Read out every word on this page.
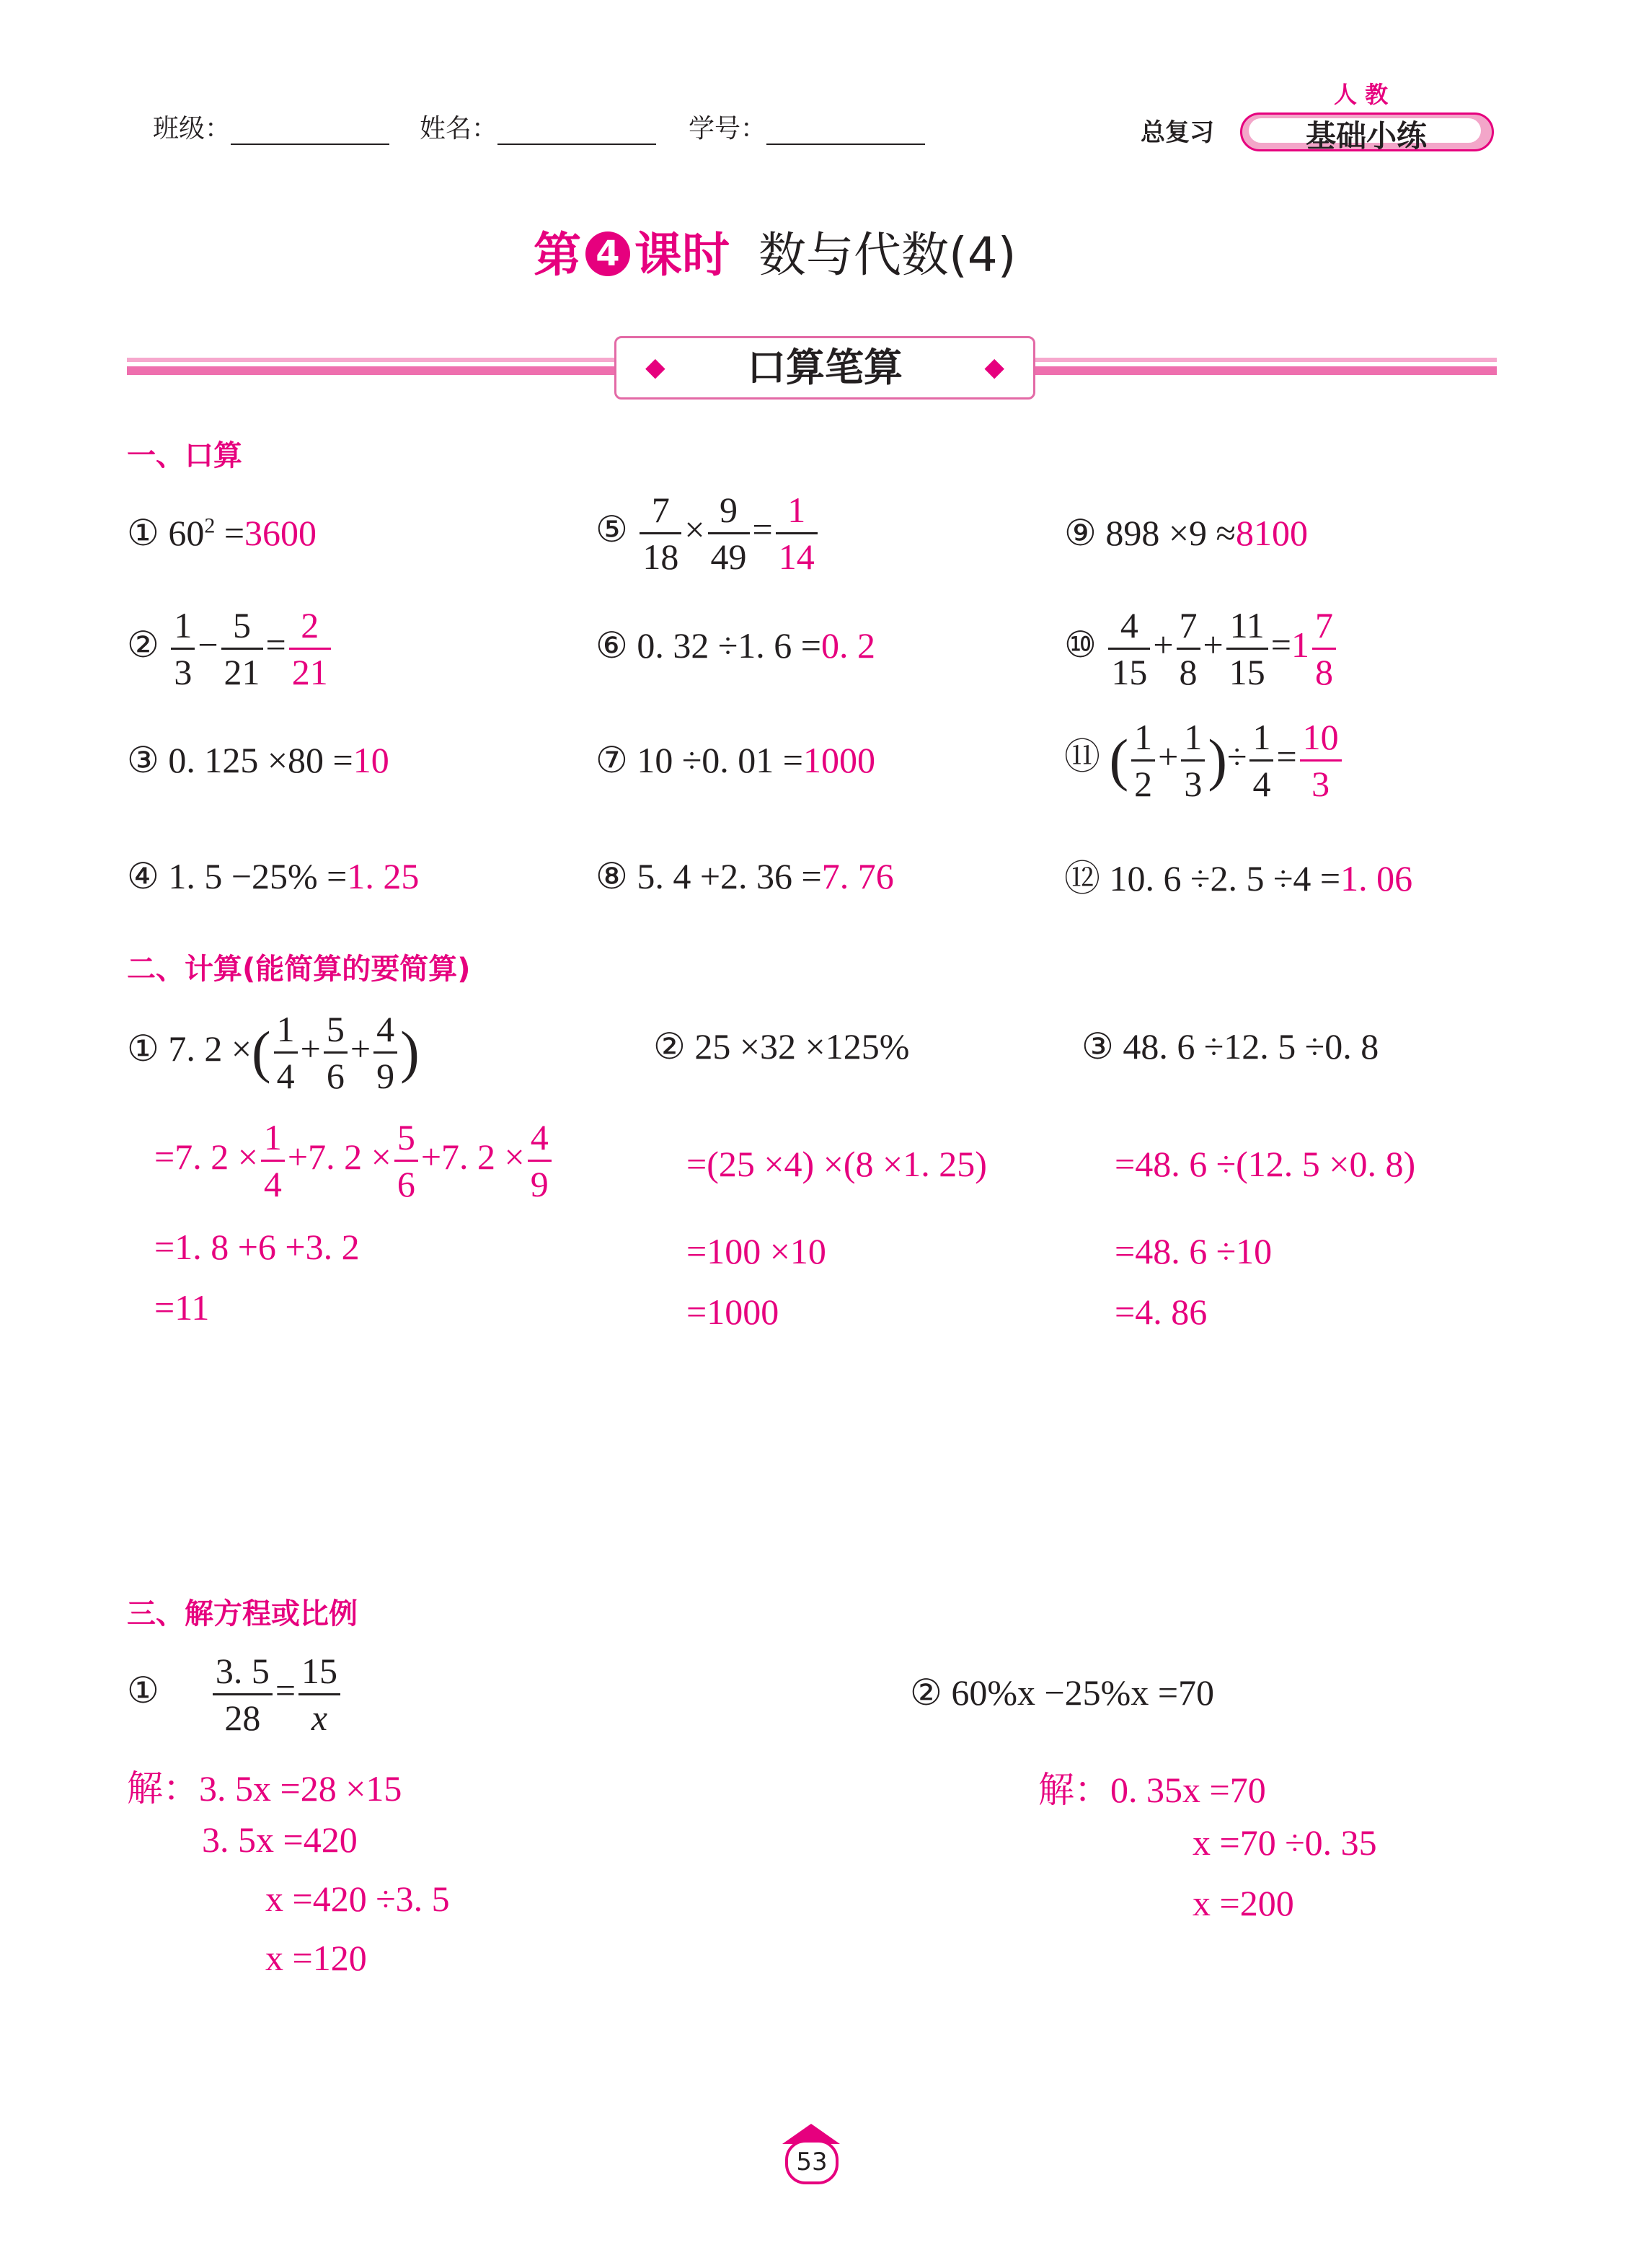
班级：	姓名：	学号：	总复习	基础小练
人 教
第 4 课时 数与代数(4)
◆ 口算笔算	◆
一、口算
① $60^2 =3600$
② $\frac{1}{3} - \frac{5}{21} = \frac{2}{21}$
③ 0. 125 ×80 =10
④ 1. 5 −25% =1. 25
⑤ $\frac{7}{18} \times \frac{9}{49} = \frac{1}{14}$
⑥ 0. 32 ÷1. 6 =0. 2
⑦ 10 ÷0. 01 =1000
⑧ 5. 4 +2. 36 =7. 76
⑨ 898 ×9 ≈8100
⑩ $\frac{4}{15} + \frac{7}{8} + \frac{11}{15} =1 \frac{7}{8}$
⑪ ( $\frac{1}{2} + \frac{1}{3}$ )÷ $\frac{1}{4} = \frac{10}{3}$
⑫ 10. 6 ÷2. 5 ÷4 =1. 06
二、计算(能简算的要简算)
① 7. 2 ×( $\frac{1}{4} + \frac{5}{6} + \frac{4}{9}$ )
=7. $2 \times \frac{1}{4} +7$. $2 \times \frac{5}{6} +7$. $2 \times \frac{4}{9}$
=1. 8 +6 +3. 2
=11
② 25 ×32 ×125%
=(25 ×4) ×(8 ×1. 25)
=100 ×10
=1000
③ 48. 6 ÷12. 5 ÷0. 8
=48. 6 ÷(12. 5 ×0. 8)
=48. 6 ÷10
=4. 86
三、解方程或比例
① $\frac{3. 5}{28} = \frac{15}{x}$
解：3. 5x =28 ×15
3. 5x =420
x =420 ÷3. 5
x =120
② 60%x −25%x =70
解：0. 35x =70
x =70 ÷0. 35
x =200
53
